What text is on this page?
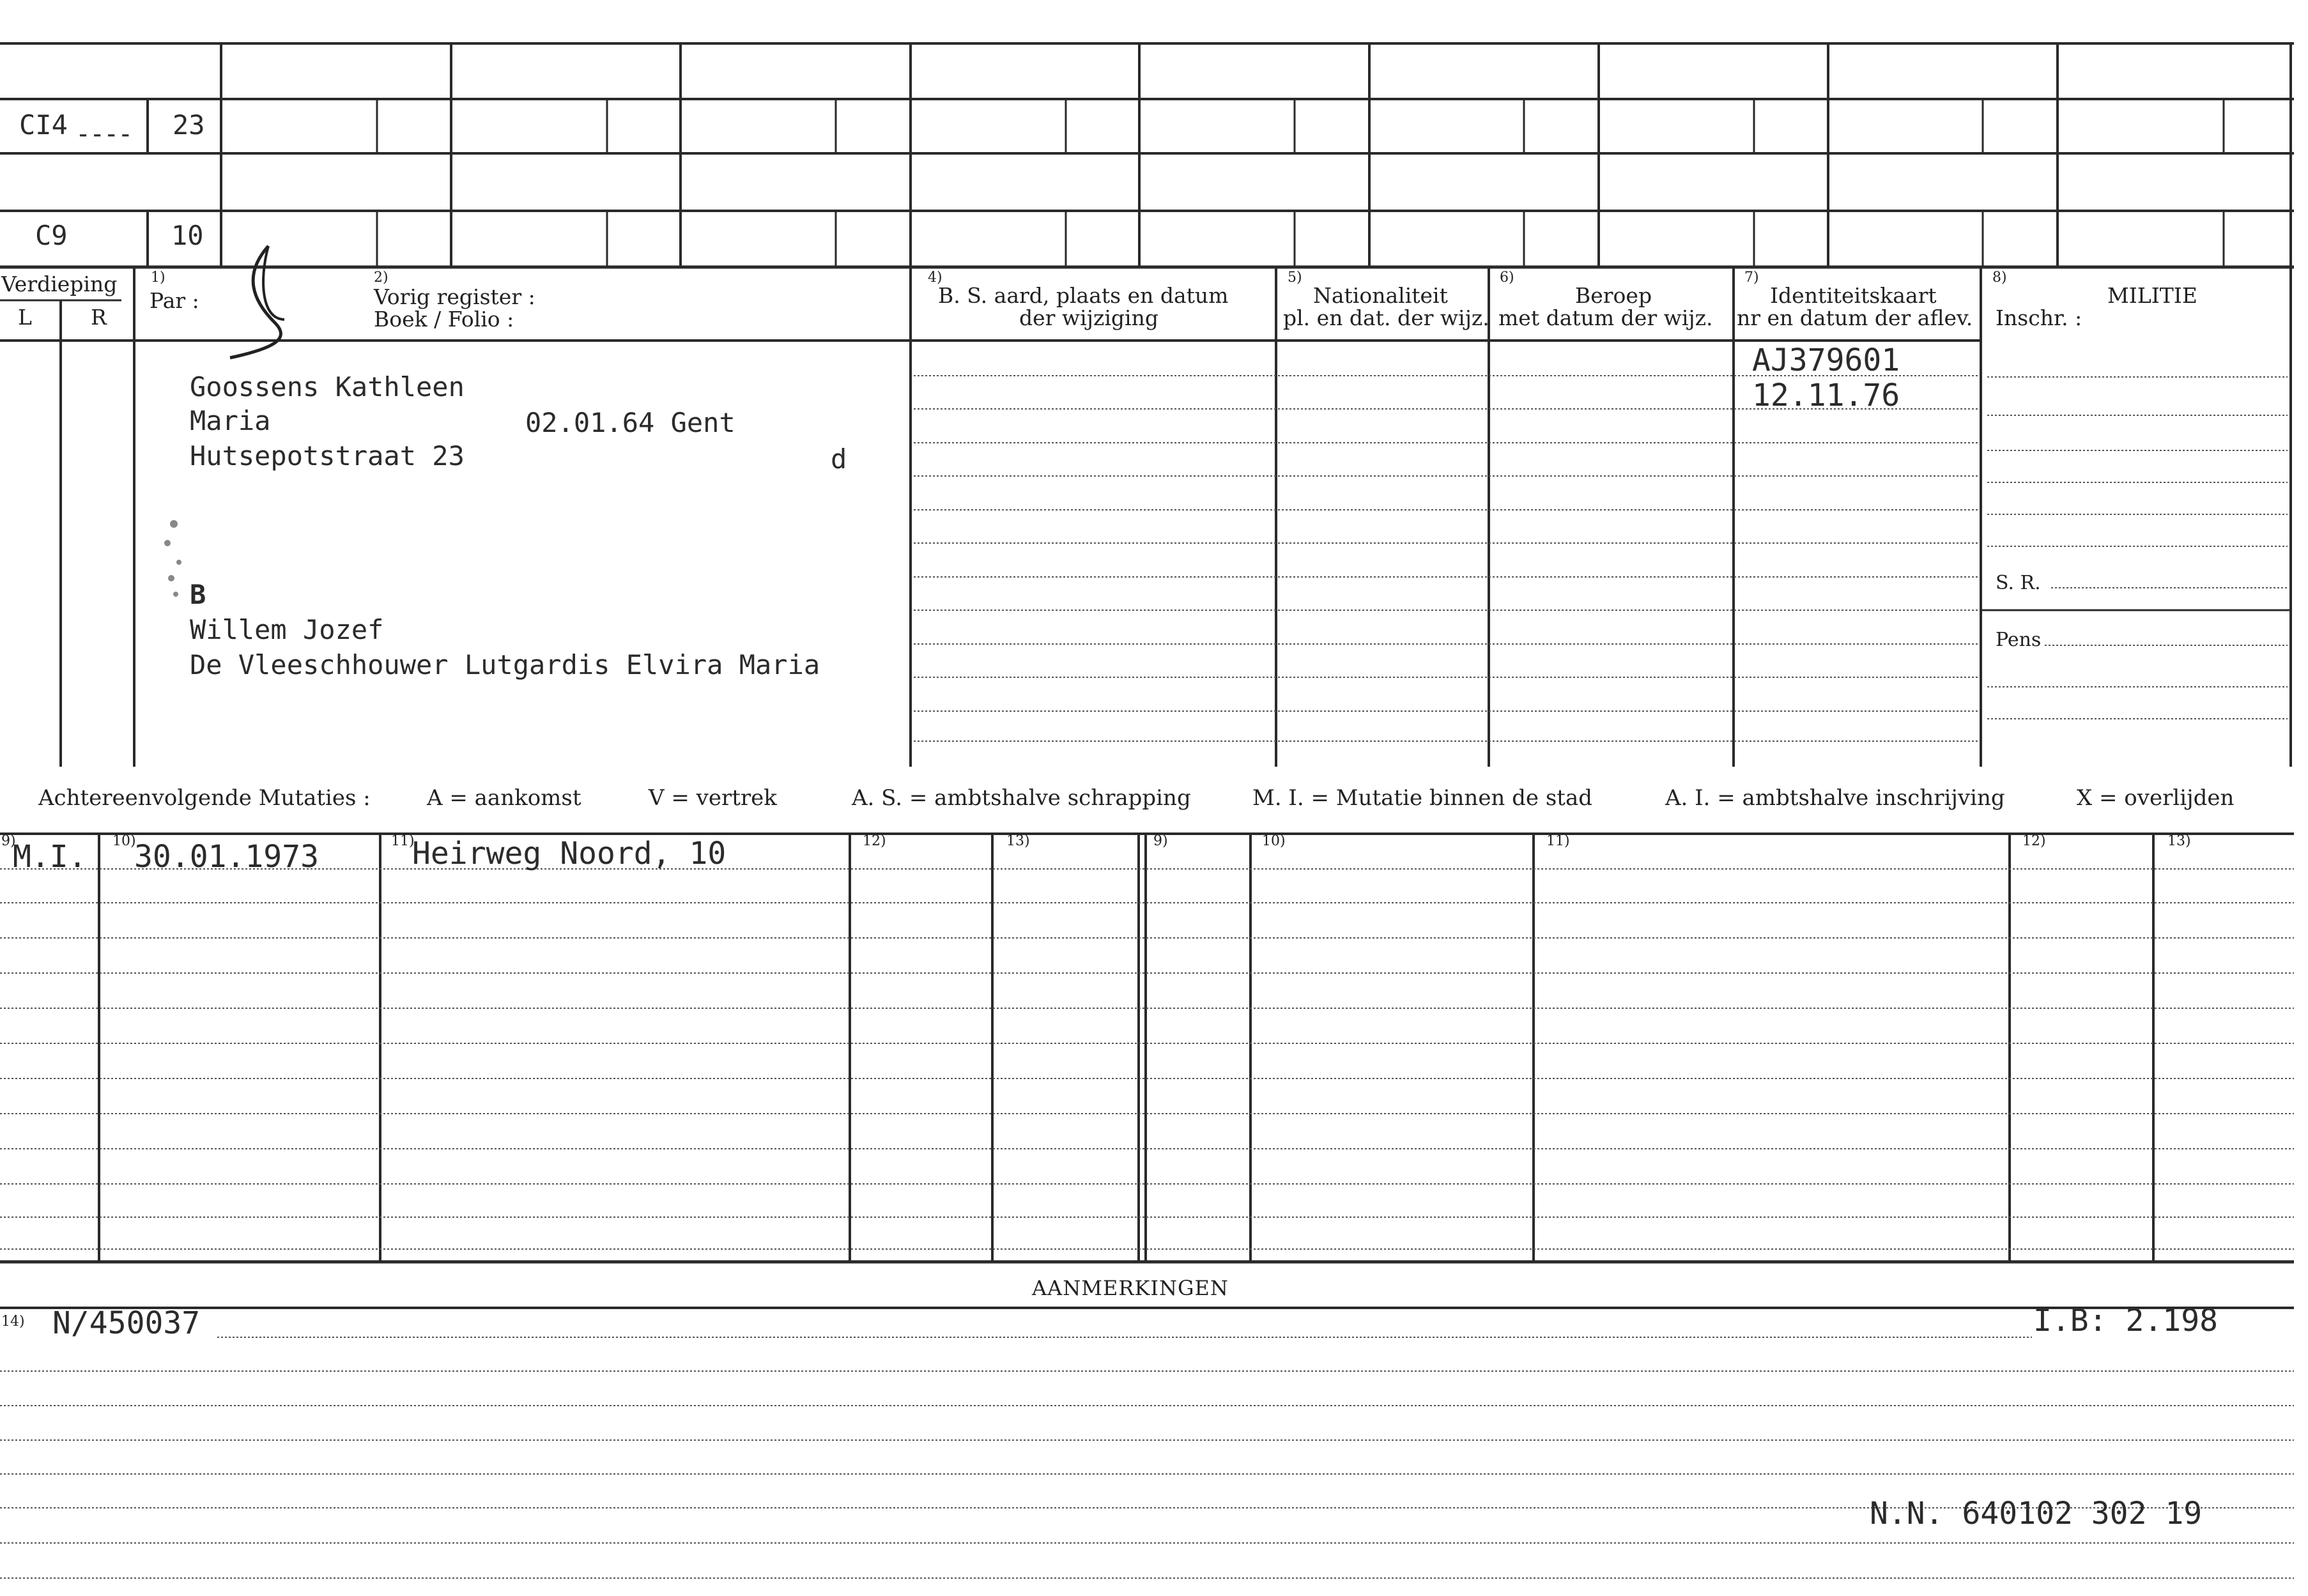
CI4 ---- 23
C9	10
Verdieping
L	R
1)
Par :
2)
Vorig register :
Boek / Folio :
4)
B. S. aard, plaats en datum
der wijziging
5)
Nationaliteit
pl. en dat. der wijz.
6)
Beroep
met datum der wijz.
7)
Identiteitskaart
nr en datum der aflev.
8)
MILITIE
Inschr. :
S. R.
Pens
Goossens Kathleen
Maria	02.01.64 Gent
Hutsepotstraat 23	d
B
Willem Jozef
De Vleeschhouwer Lutgardis Elvira Maria
AJ379601
12.11.76
Achtereenvolgende Mutaties :	A = aankomst	V = vertrek	A. S. = ambtshalve schrapping	M. I. = Mutatie binnen de stad	A. I. = ambtshalve inschrijving	X = overlijden
9)	10)	11)	12)	13)	9)	10)	11)	12)	13)
M.I. 30.01.1973	Heirweg Noord, 10
AANMERKINGEN
14) N/450037	I.B: 2.198
N.N. 640102 302 19
